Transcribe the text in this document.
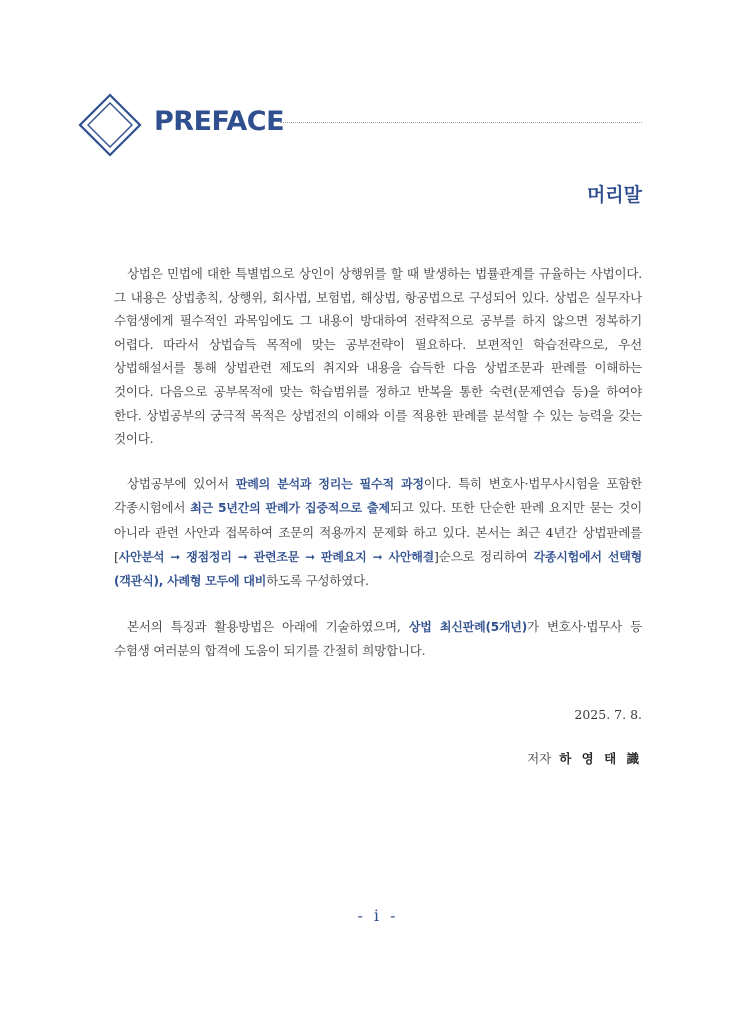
PREFACE
머리말

상법은 민법에 대한 특별법으로 상인이 상행위를 할 때 발생하는 법률관계를 규율하는 사법이다. 그 내용은 상법총칙, 상행위, 회사법, 보험법, 해상법, 항공법으로 구성되어 있다. 상법은 실무자나 수험생에게 필수적인 과목임에도 그 내용이 방대하여 전략적으로 공부를 하지 않으면 정복하기 어렵다. 따라서 상법습득 목적에 맞는 공부전략이 필요하다. 보편적인 학습전략으로, 우선 상법해설서를 통해 상법관련 제도의 취지와 내용을 습득한 다음 상법조문과 판례를 이해하는 것이다. 다음으로 공부목적에 맞는 학습범위를 정하고 반복을 통한 숙련(문제연습 등)을 하여야 한다. 상법공부의 궁극적 목적은 상법전의 이해와 이를 적용한 판례를 분석할 수 있는 능력을 갖는 것이다.

상법공부에 있어서 판례의 분석과 정리는 필수적 과정이다. 특히 변호사·법무사시험을 포함한 각종시험에서 최근 5년간의 판례가 집중적으로 출제되고 있다. 또한 단순한 판례 요지만 묻는 것이 아니라 관련 사안과 접목하여 조문의 적용까지 문제화 하고 있다. 본서는 최근 4년간 상법판례를 [사안분석 ➞ 쟁점정리 ➞ 관련조문 ➞ 판례요지 ➞ 사안해결]순으로 정리하여 각종시험에서 선택형(객관식), 사례형 모두에 대비하도록 구성하였다.

본서의 특징과 활용방법은 아래에 기술하였으며, 상법 최신판례(5개년)가 변호사·법무사 등 수험생 여러분의 합격에 도움이 되기를 간절히 희망합니다.

2025. 7. 8.
저자 하 영 태 識
- i -
